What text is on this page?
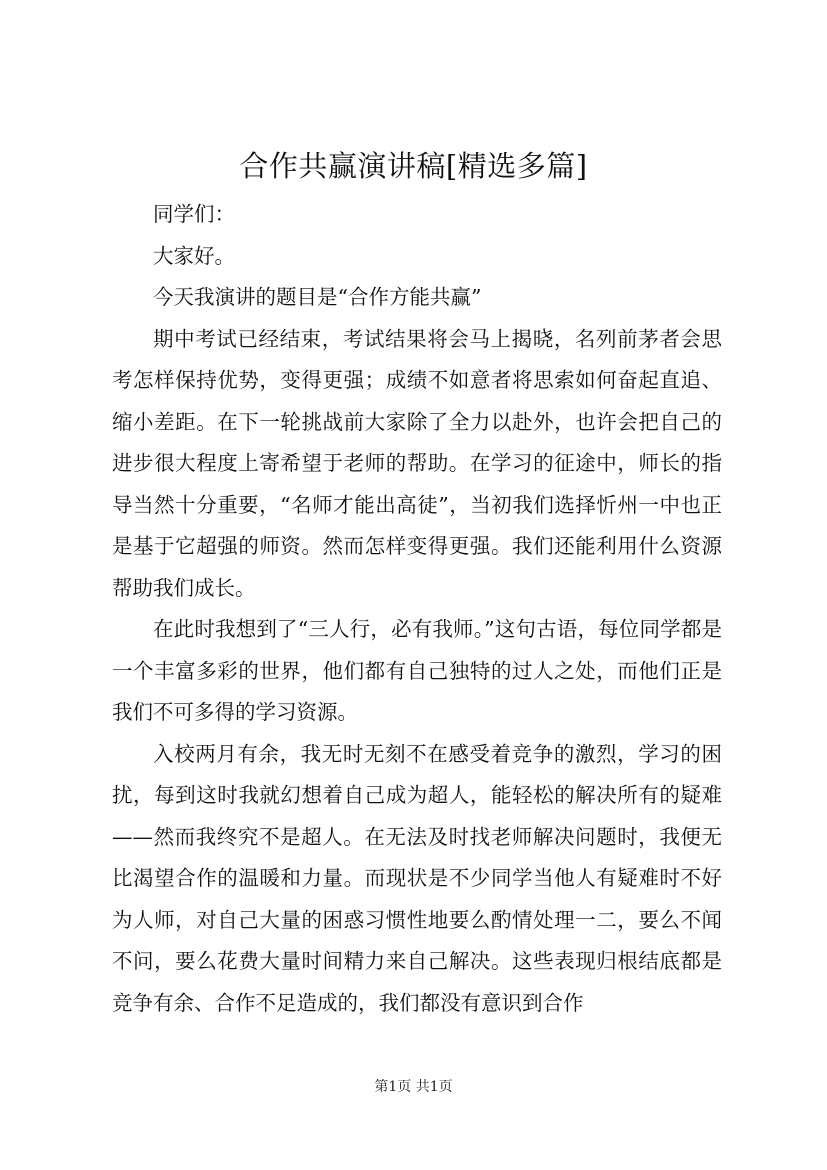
合作共赢演讲稿[精选多篇]

同学们：

大家好。

今天我演讲的题目是“合作方能共赢”

期中考试已经结束，考试结果将会马上揭晓，名列前茅者会思考怎样保持优势，变得更强；成绩不如意者将思索如何奋起直追、缩小差距。在下一轮挑战前大家除了全力以赴外，也许会把自己的进步很大程度上寄希望于老师的帮助。在学习的征途中，师长的指导当然十分重要，“名师才能出高徒”，当初我们选择忻州一中也正是基于它超强的师资。然而怎样变得更强。我们还能利用什么资源帮助我们成长。

在此时我想到了“三人行，必有我师。”这句古语，每位同学都是一个丰富多彩的世界，他们都有自己独特的过人之处，而他们正是我们不可多得的学习资源。

入校两月有余，我无时无刻不在感受着竞争的激烈，学习的困扰，每到这时我就幻想着自己成为超人，能轻松的解决所有的疑难——然而我终究不是超人。在无法及时找老师解决问题时，我便无比渴望合作的温暖和力量。而现状是不少同学当他人有疑难时不好为人师，对自己大量的困惑习惯性地要么酌情处理一二，要么不闻不问，要么花费大量时间精力来自己解决。这些表现归根结底都是竞争有余、合作不足造成的，我们都没有意识到合作

第1页 共1页
